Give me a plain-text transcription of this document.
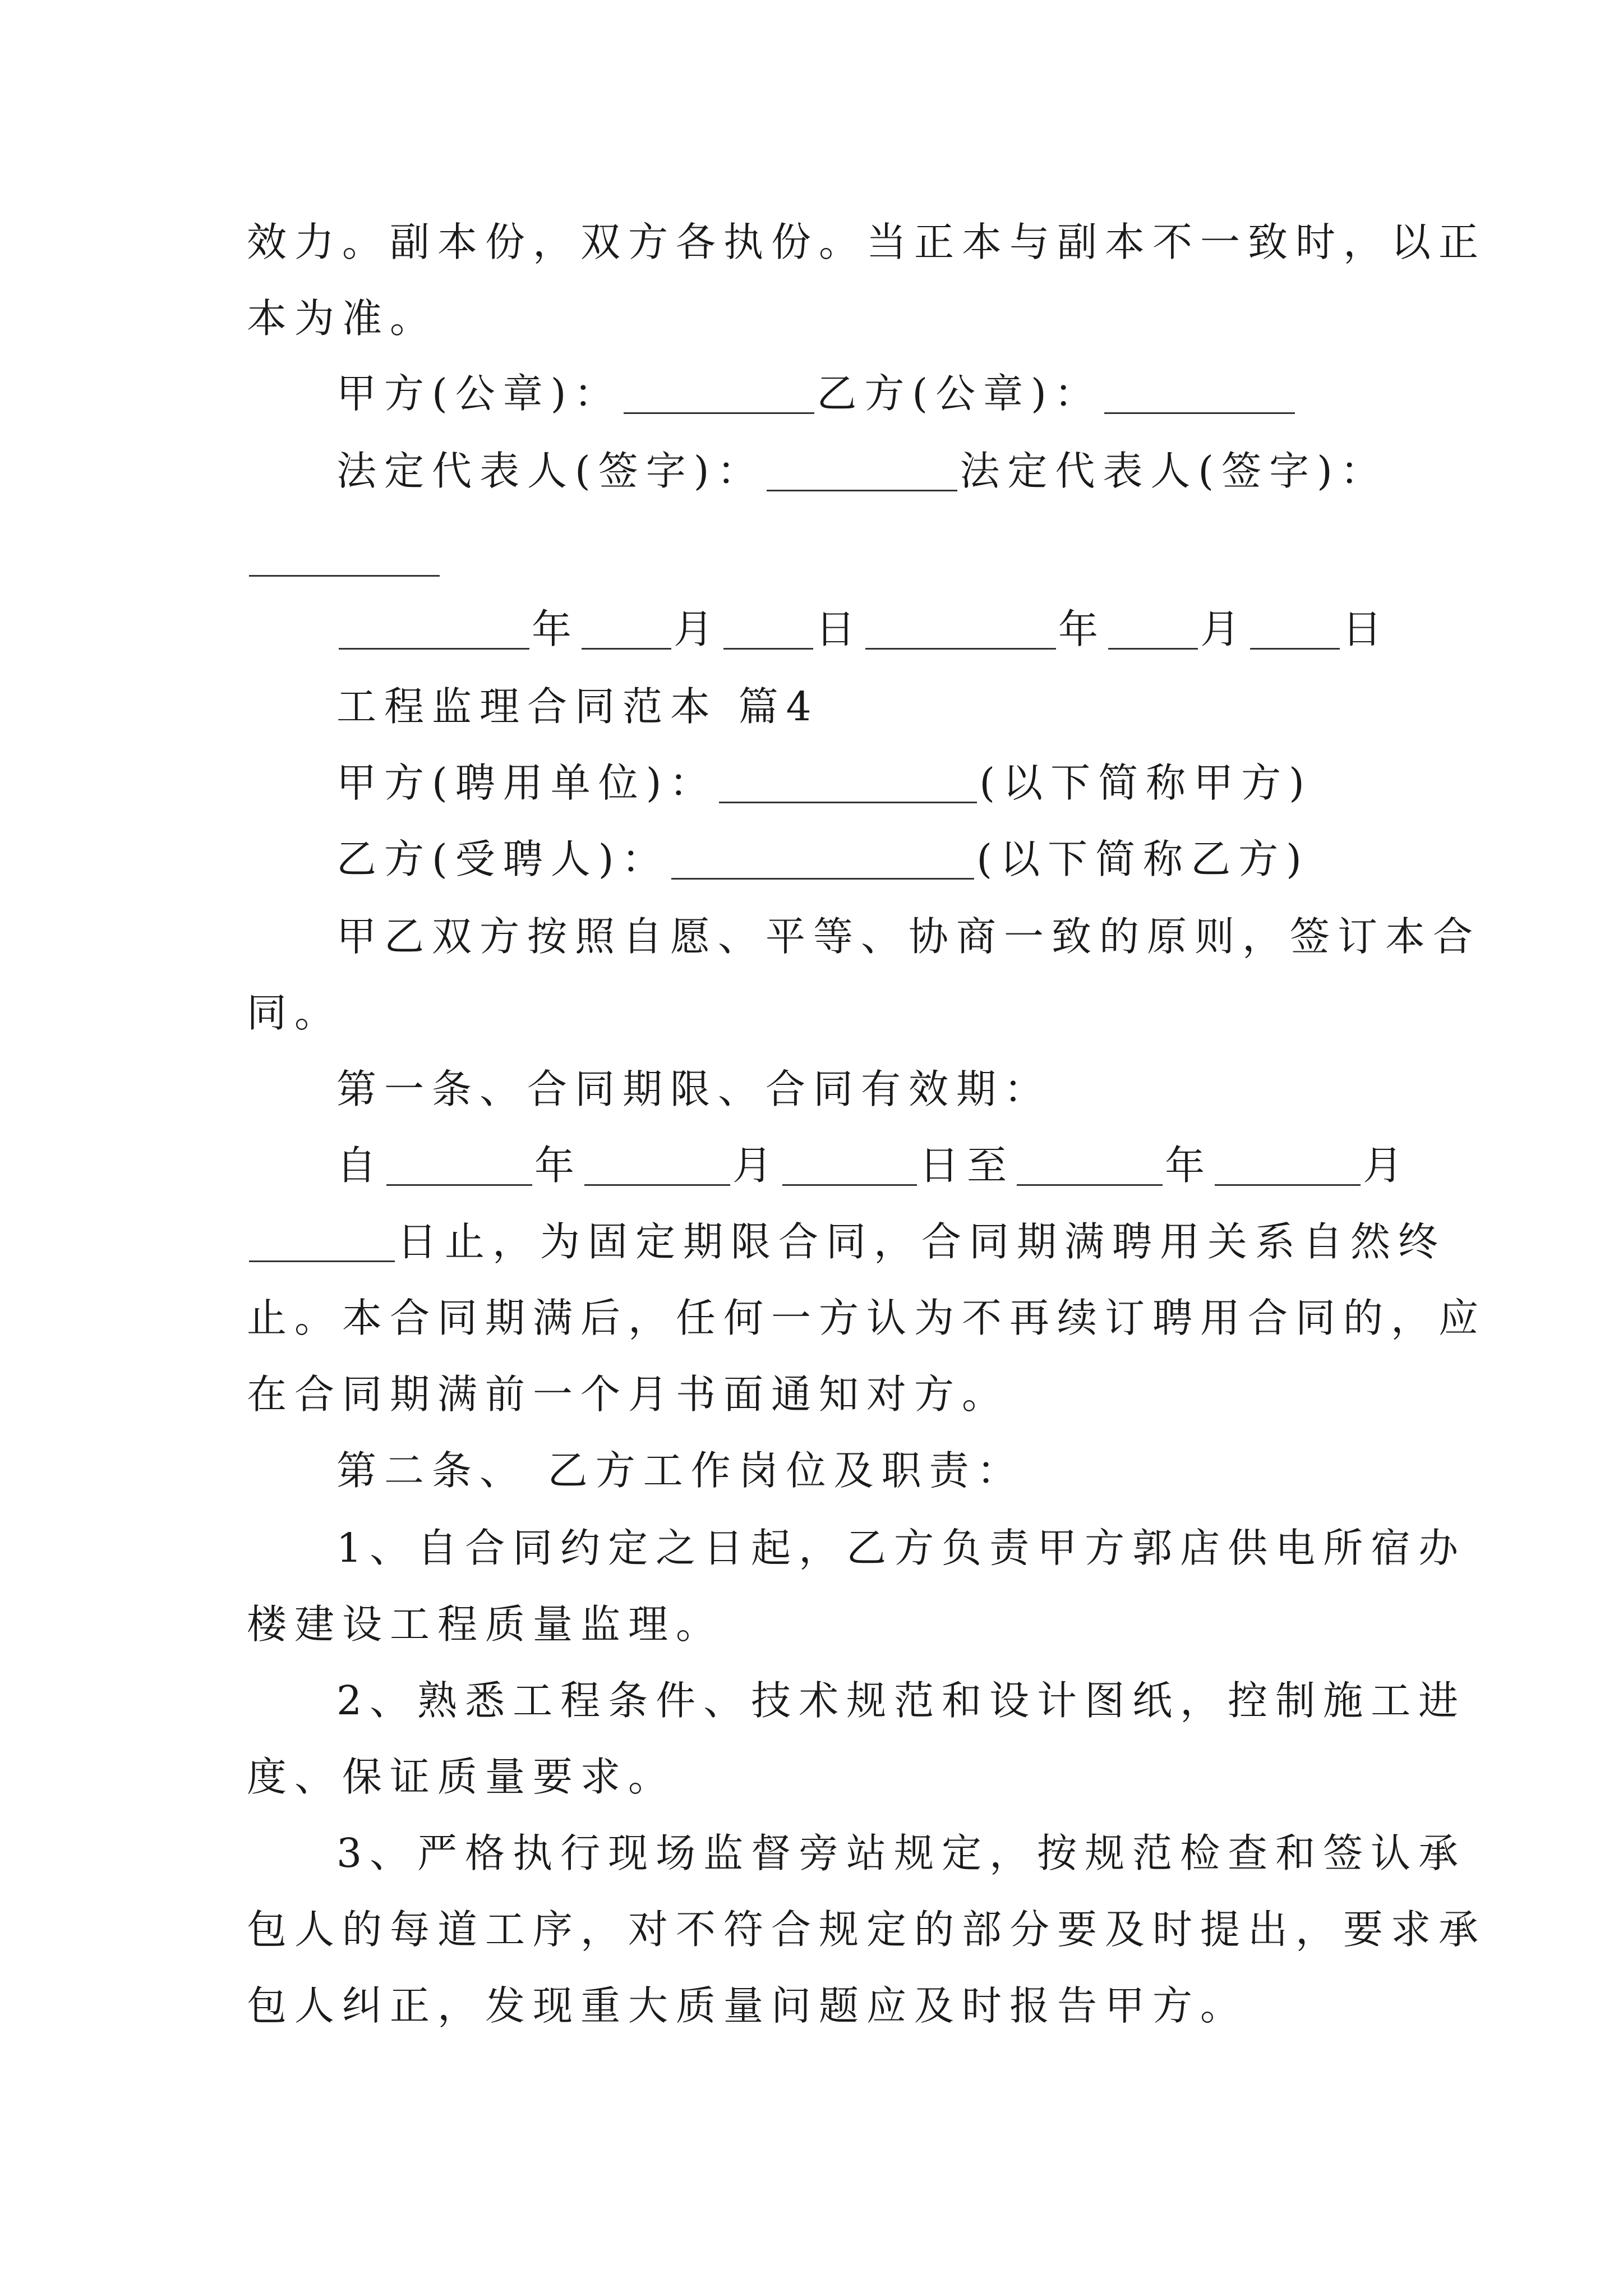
效力。副本份，双方各执份。当正本与副本不一致时，以正
本为准。
甲方(公章)：	乙方(公章)：
法定代表人(签字)：	法定代表人(签字)：
年 月 日	年 月 日
工程监理合同范本 篇4
甲方(聘用单位)：	(以下简称甲方)
乙方(受聘人)：	(以下简称乙方)
甲乙双方按照自愿、平等、协商一致的原则，签订本合
同。
第一条、合同期限、合同有效期：
自	年	月	日至	年	月
日止，为固定期限合同，合同期满聘用关系自然终
止。本合同期满后，任何一方认为不再续订聘用合同的，应
在合同期满前一个月书面通知对方。
第二条、 乙方工作岗位及职责：
1、自合同约定之日起，乙方负责甲方郭店供电所宿办
楼建设工程质量监理。
2、熟悉工程条件、技术规范和设计图纸，控制施工进
度、保证质量要求。
3、严格执行现场监督旁站规定，按规范检查和签认承
包人的每道工序，对不符合规定的部分要及时提出，要求承
包人纠正，发现重大质量问题应及时报告甲方。
